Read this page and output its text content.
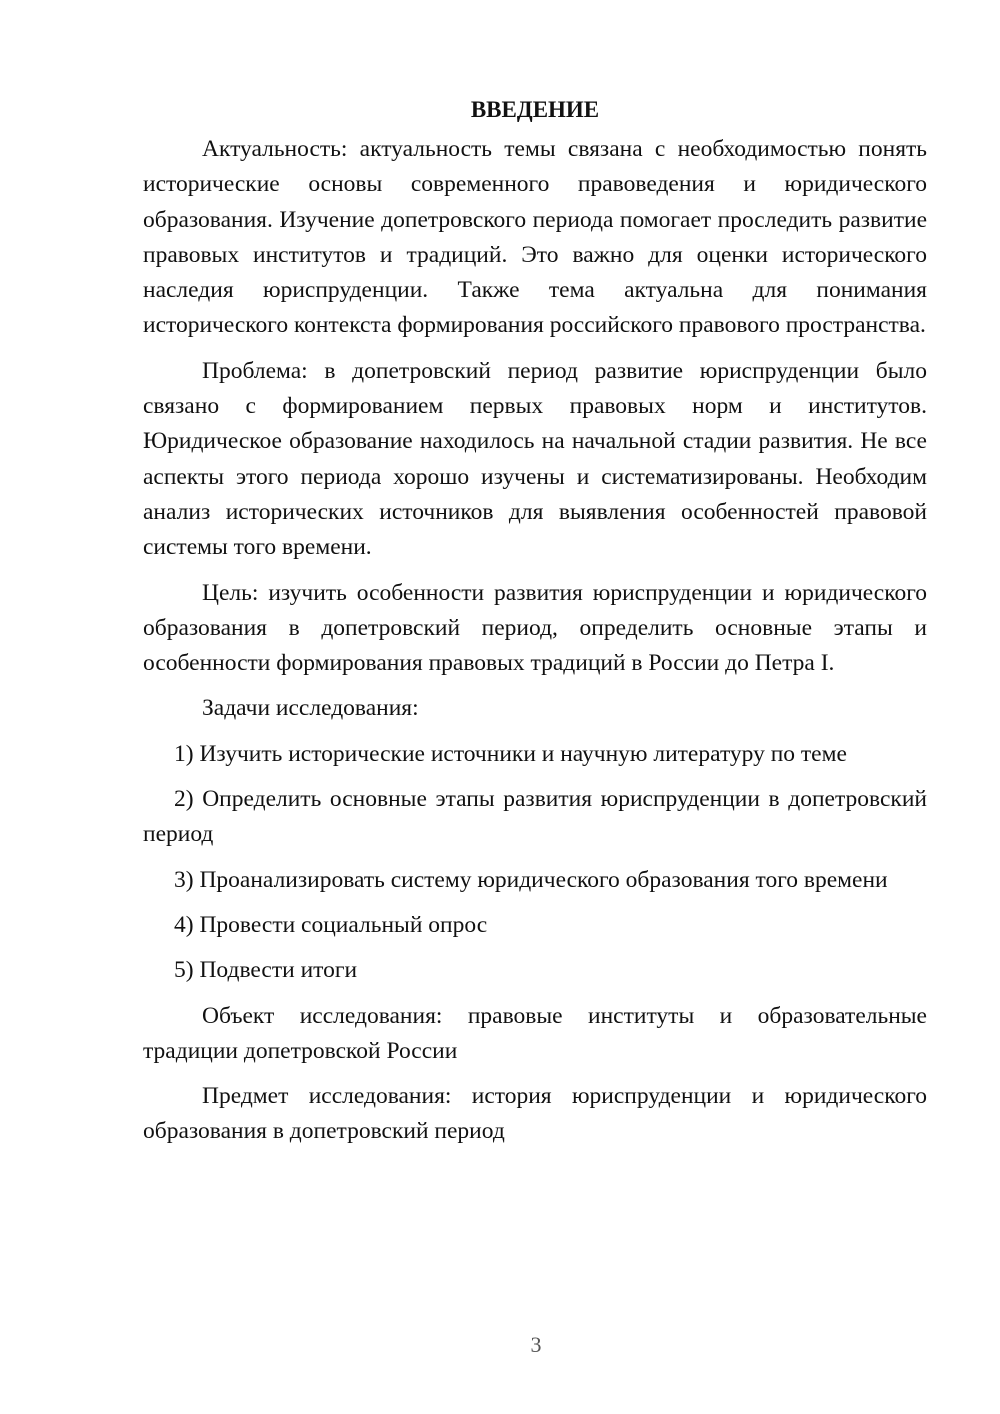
ВВЕДЕНИЕ

Актуальность: актуальность темы связана с необходимостью понять исторические основы современного правоведения и юридического образования. Изучение допетровского периода помогает проследить развитие правовых институтов и традиций. Это важно для оценки исторического наследия юриспруденции. Также тема актуальна для понимания исторического контекста формирования российского правового пространства.

Проблема: в допетровский период развитие юриспруденции было связано с формированием первых правовых норм и институтов. Юридическое образование находилось на начальной стадии развития. Не все аспекты этого периода хорошо изучены и систематизированы. Необходим анализ исторических источников для выявления особенностей правовой системы того времени.

Цель: изучить особенности развития юриспруденции и юридического образования в допетровский период, определить основные этапы и особенности формирования правовых традиций в России до Петра I.

Задачи исследования:

1) Изучить исторические источники и научную литературу по теме

2) Определить основные этапы развития юриспруденции в допетровский период

3) Проанализировать систему юридического образования того времени

4) Провести социальный опрос

5) Подвести итоги

Объект исследования: правовые институты и образовательные традиции допетровской России

Предмет исследования: история юриспруденции и юридического образования в допетровский период

3
